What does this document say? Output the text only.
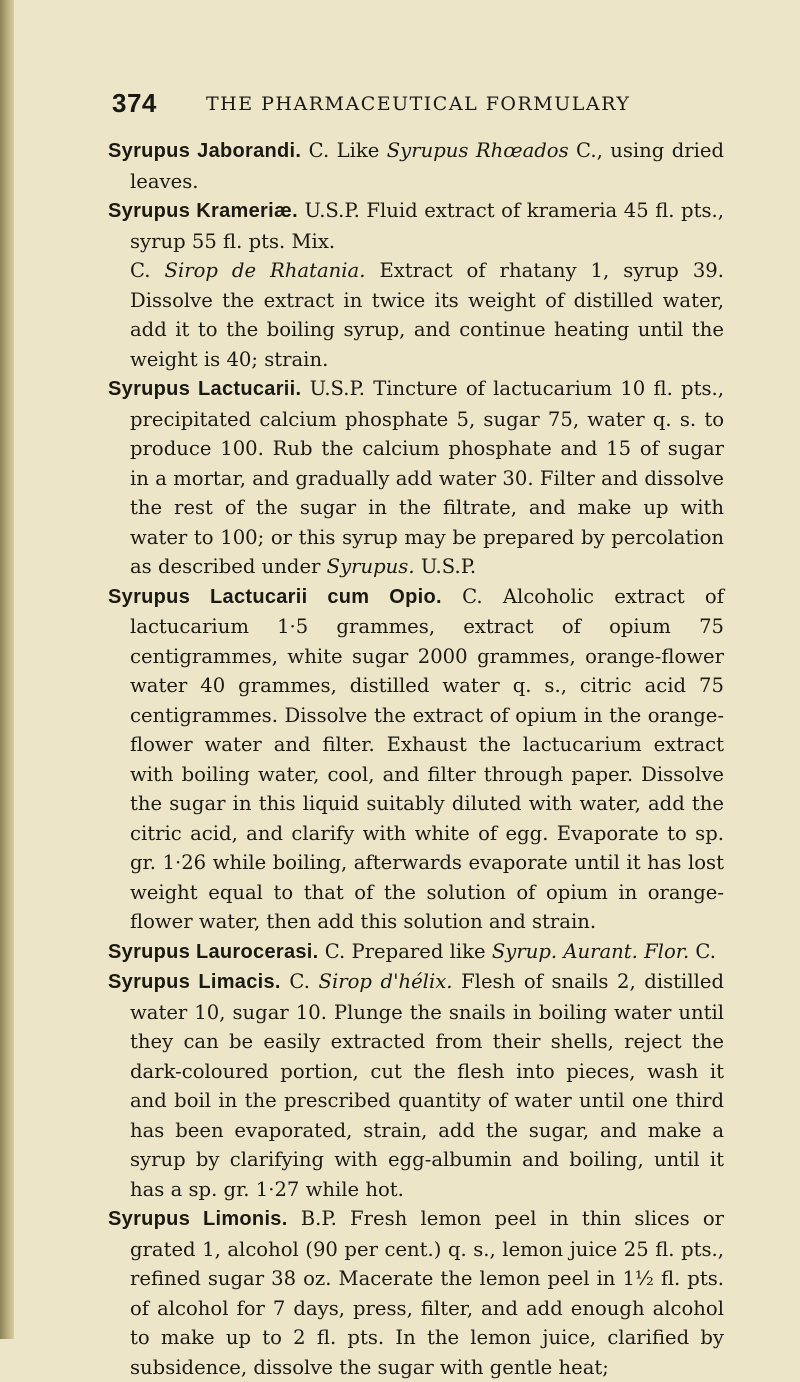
374	THE PHARMACEUTICAL FORMULARY

Syrupus Jaborandi. C. Like Syrupus Rhœados C., using dried leaves.

Syrupus Krameriæ. U.S.P. Fluid extract of krameria 45 fl. pts., syrup 55 fl. pts. Mix.
C. Sirop de Rhatania. Extract of rhatany 1, syrup 39. Dissolve the extract in twice its weight of distilled water, add it to the boiling syrup, and continue heating until the weight is 40; strain.

Syrupus Lactucarii. U.S.P. Tincture of lactucarium 10 fl. pts., precipitated calcium phosphate 5, sugar 75, water q. s. to produce 100. Rub the calcium phosphate and 15 of sugar in a mortar, and gradually add water 30. Filter and dissolve the rest of the sugar in the filtrate, and make up with water to 100; or this syrup may be prepared by percolation as described under Syrupus. U.S.P.

Syrupus Lactucarii cum Opio. C. Alcoholic extract of lactucarium 1·5 grammes, extract of opium 75 centigrammes, white sugar 2000 grammes, orange-flower water 40 grammes, distilled water q. s., citric acid 75 centigrammes. Dissolve the extract of opium in the orange-flower water and filter. Exhaust the lactucarium extract with boiling water, cool, and filter through paper. Dissolve the sugar in this liquid suitably diluted with water, add the citric acid, and clarify with white of egg. Evaporate to sp. gr. 1·26 while boiling, afterwards evaporate until it has lost weight equal to that of the solution of opium in orange-flower water, then add this solution and strain.

Syrupus Laurocerasi. C. Prepared like Syrup. Aurant. Flor. C.

Syrupus Limacis. C. Sirop d'hélix. Flesh of snails 2, distilled water 10, sugar 10. Plunge the snails in boiling water until they can be easily extracted from their shells, reject the dark-coloured portion, cut the flesh into pieces, wash it and boil in the prescribed quantity of water until one third has been evaporated, strain, add the sugar, and make a syrup by clarifying with egg-albumin and boiling, until it has a sp. gr. 1·27 while hot.

Syrupus Limonis. B.P. Fresh lemon peel in thin slices or grated 1, alcohol (90 per cent.) q. s., lemon juice 25 fl. pts., refined sugar 38 oz. Macerate the lemon peel in 1½ fl. pts. of alcohol for 7 days, press, filter, and add enough alcohol to make up to 2 fl. pts. In the lemon juice, clarified by subsidence, dissolve the sugar with gentle heat;
